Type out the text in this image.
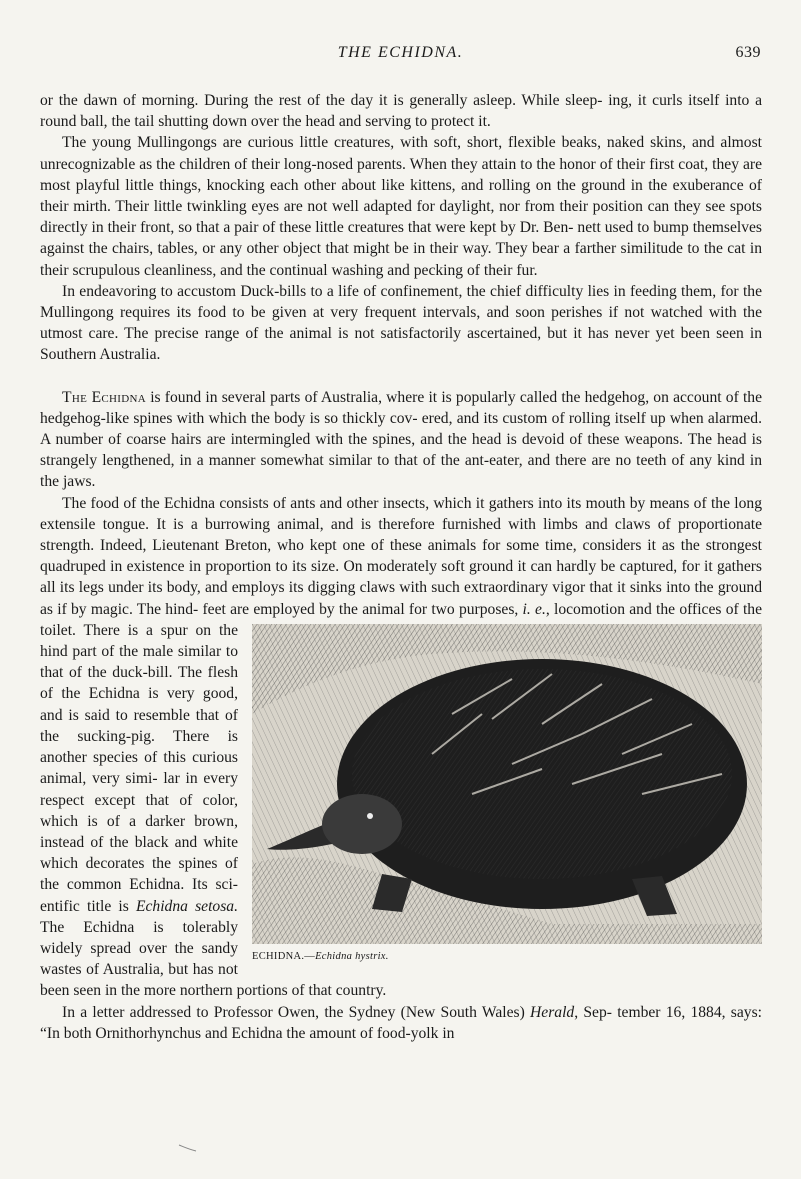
THE ECHIDNA.	639

or the dawn of morning. During the rest of the day it is generally asleep. While sleep- ing, it curls itself into a round ball, the tail shutting down over the head and serving to protect it.

The young Mullingongs are curious little creatures, with soft, short, flexible beaks, naked skins, and almost unrecognizable as the children of their long-nosed parents. When they attain to the honor of their first coat, they are most playful little things, knocking each other about like kittens, and rolling on the ground in the exuberance of their mirth. Their little twinkling eyes are not well adapted for daylight, nor from their position can they see spots directly in their front, so that a pair of these little creatures that were kept by Dr. Ben- nett used to bump themselves against the chairs, tables, or any other object that might be in their way. They bear a farther similitude to the cat in their scrupulous cleanliness, and the continual washing and pecking of their fur.

In endeavoring to accustom Duck-bills to a life of confinement, the chief difficulty lies in feeding them, for the Mullingong requires its food to be given at very frequent intervals, and soon perishes if not watched with the utmost care. The precise range of the animal is not satisfactorily ascertained, but it has never yet been seen in Southern Australia.

The Echidna is found in several parts of Australia, where it is popularly called the hedgehog, on account of the hedgehog-like spines with which the body is so thickly cov- ered, and its custom of rolling itself up when alarmed. A number of coarse hairs are intermingled with the spines, and the head is devoid of these weapons. The head is strangely lengthened, in a manner somewhat similar to that of the ant-eater, and there are no teeth of any kind in the jaws.

The food of the Echidna consists of ants and other insects, which it gathers into its mouth by means of the long extensile tongue. It is a burrowing animal, and is therefore furnished with limbs and claws of proportionate strength. Indeed, Lieutenant Breton, who kept one of these animals for some time, considers it as the strongest quadruped in existence in proportion to its size. On moderately soft ground it can hardly be captured, for it gathers all its legs under its body, and employs its digging claws with such extraordinary vigor that it sinks into the ground as if by magic. The hind- feet are employed by the animal for two purposes,
ECHIDNA.—Echidna hystrix.
i. e., locomotion and the offices of the toilet. There is a spur on the hind part of the male similar to that of the duck-bill. The flesh of the Echidna is very good, and is said to resemble that of the sucking-pig. There is another species of this curious animal, very simi- lar in every respect except that of color, which is of a darker brown, instead of the black and white which decorates the spines of the common Echidna. Its sci- entific title is Echidna setosa. The Echidna is tolerably widely spread over the sandy wastes of Australia, but has not been seen in the more northern portions of that country.

In a letter addressed to Professor Owen, the Sydney (New South Wales) Herald, Sep- tember 16, 1884, says: “In both Ornithorhynchus and Echidna the amount of food-yolk in
